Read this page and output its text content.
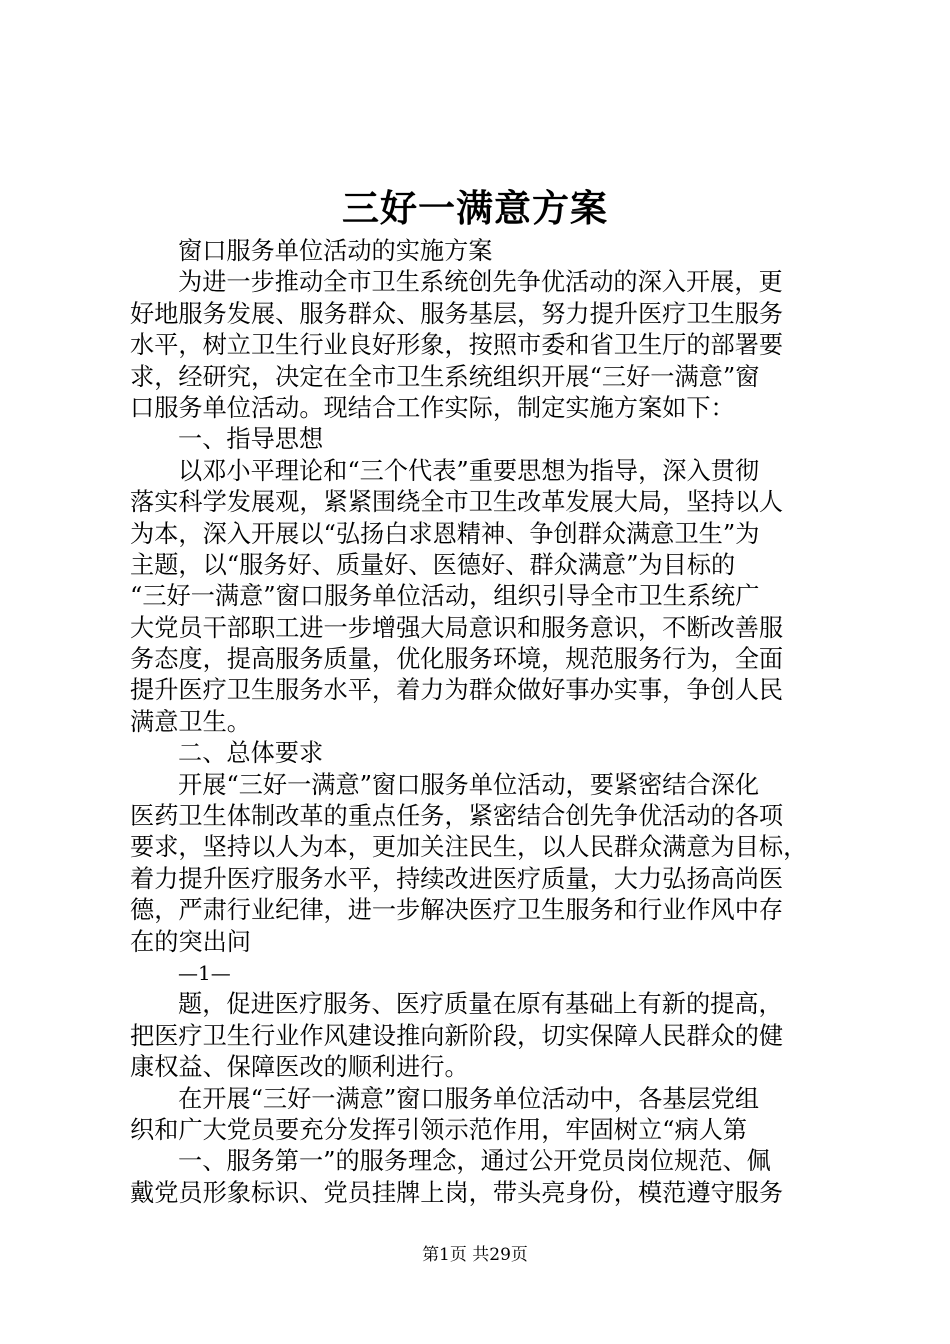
三好一满意方案
窗口服务单位活动的实施方案
为进一步推动全市卫生系统创先争优活动的深入开展，更
好地服务发展、服务群众、服务基层，努力提升医疗卫生服务
水平，树立卫生行业良好形象，按照市委和省卫生厅的部署要
求，经研究，决定在全市卫生系统组织开展“三好一满意”窗
口服务单位活动。现结合工作实际，制定实施方案如下：
一、指导思想
以邓小平理论和“三个代表”重要思想为指导，深入贯彻
落实科学发展观，紧紧围绕全市卫生改革发展大局，坚持以人
为本，深入开展以“弘扬白求恩精神、争创群众满意卫生”为
主题，以“服务好、质量好、医德好、群众满意”为目标的
“三好一满意”窗口服务单位活动，组织引导全市卫生系统广
大党员干部职工进一步增强大局意识和服务意识，不断改善服
务态度，提高服务质量，优化服务环境，规范服务行为，全面
提升医疗卫生服务水平，着力为群众做好事办实事，争创人民
满意卫生。
二、总体要求
开展“三好一满意”窗口服务单位活动，要紧密结合深化
医药卫生体制改革的重点任务，紧密结合创先争优活动的各项
要求，坚持以人为本，更加关注民生，以人民群众满意为目标，
着力提升医疗服务水平，持续改进医疗质量，大力弘扬高尚医
德，严肃行业纪律，进一步解决医疗卫生服务和行业作风中存
在的突出问
—1—
题，促进医疗服务、医疗质量在原有基础上有新的提高，
把医疗卫生行业作风建设推向新阶段，切实保障人民群众的健
康权益、保障医改的顺利进行。
在开展“三好一满意”窗口服务单位活动中，各基层党组
织和广大党员要充分发挥引领示范作用，牢固树立“病人第
一、服务第一”的服务理念，通过公开党员岗位规范、佩
戴党员形象标识、党员挂牌上岗，带头亮身份，模范遵守服务
第1页 共29页
